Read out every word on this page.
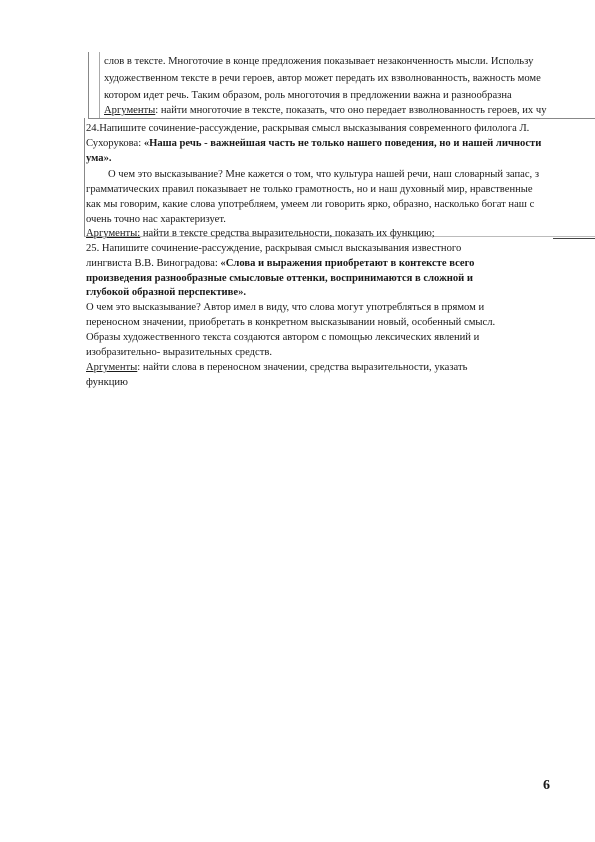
слов в тексте. Многоточие в конце предложения показывает незаконченность мысли. Использу
художественном тексте в речи героев, автор может передать их взволнованность, важность моме
котором идет речь. Таким образом, роль многоточия в предложении важна и разнообразна
Аргументы: найти многоточие в тексте, показать, что оно передает взволнованность героев, их чу
24.Напишите сочинение-рассуждение, раскрывая смысл высказывания современного филолога Л.
Сухорукова: «Наша речь - важнейшая часть не только нашего поведения, но и нашей личности
ума».
О чем это высказывание? Мне кажется о том, что культура нашей речи, наш словарный запас, з
грамматических правил показывает не только грамотность, но и наш духовный мир, нравственные
как мы говорим, какие слова употребляем, умеем ли говорить ярко, образно, насколько богат наш с
очень точно нас характеризует.
Аргументы: найти в тексте средства выразительности, показать их функцию;
25. Напишите сочинение-рассуждение, раскрывая смысл высказывания известного
лингвиста В.В. Виноградова: «Слова и выражения приобретают в контексте всего
произведения разнообразные смысловые оттенки, воспринимаются в сложной и
глубокой образной перспективе».
О чем это высказывание? Автор имел в виду, что слова могут употребляться в прямом и
переносном значении, приобретать в конкретном высказывании новый, особенный смысл.
Образы художественного текста создаются автором с помощью лексических явлений и
изобразительно- выразительных средств.
Аргументы: найти слова в переносном значении, средства выразительности, указать
функцию
6
